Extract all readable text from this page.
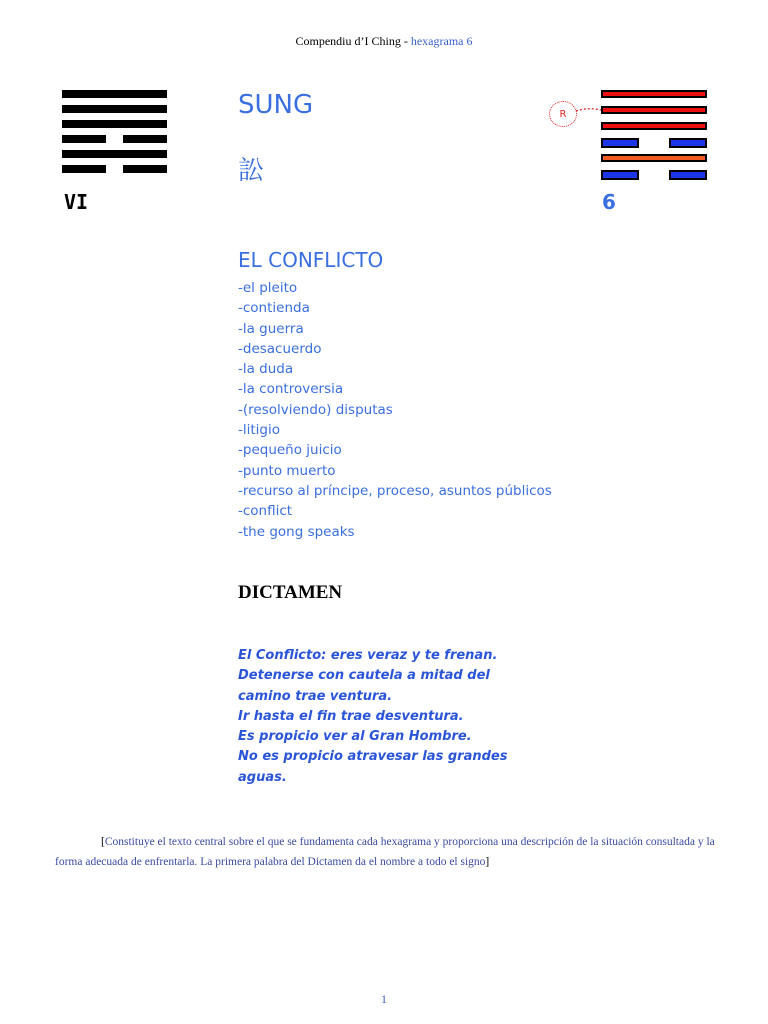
Compendiu d’I Ching - hexagrama 6
VI
SUNG
訟
R
6
EL CONFLICTO
-el pleito
-contienda
-la guerra
-desacuerdo
-la duda
-la controversia
-(resolviendo) disputas
-litigio
-pequeño juicio
-punto muerto
-recurso al príncipe, proceso, asuntos públicos
-conflict
-the gong speaks
DICTAMEN
El Conflicto: eres veraz y te frenan.
Detenerse con cautela a mitad del
camino trae ventura.
Ir hasta el fin trae desventura.
Es propicio ver al Gran Hombre.
No es propicio atravesar las grandes
aguas.
[Constituye el texto central sobre el que se fundamenta cada hexagrama y proporciona una descripción de la situación consultada y la forma adecuada de enfrentarla. La primera palabra del Dictamen da el nombre a todo el signo]
1
